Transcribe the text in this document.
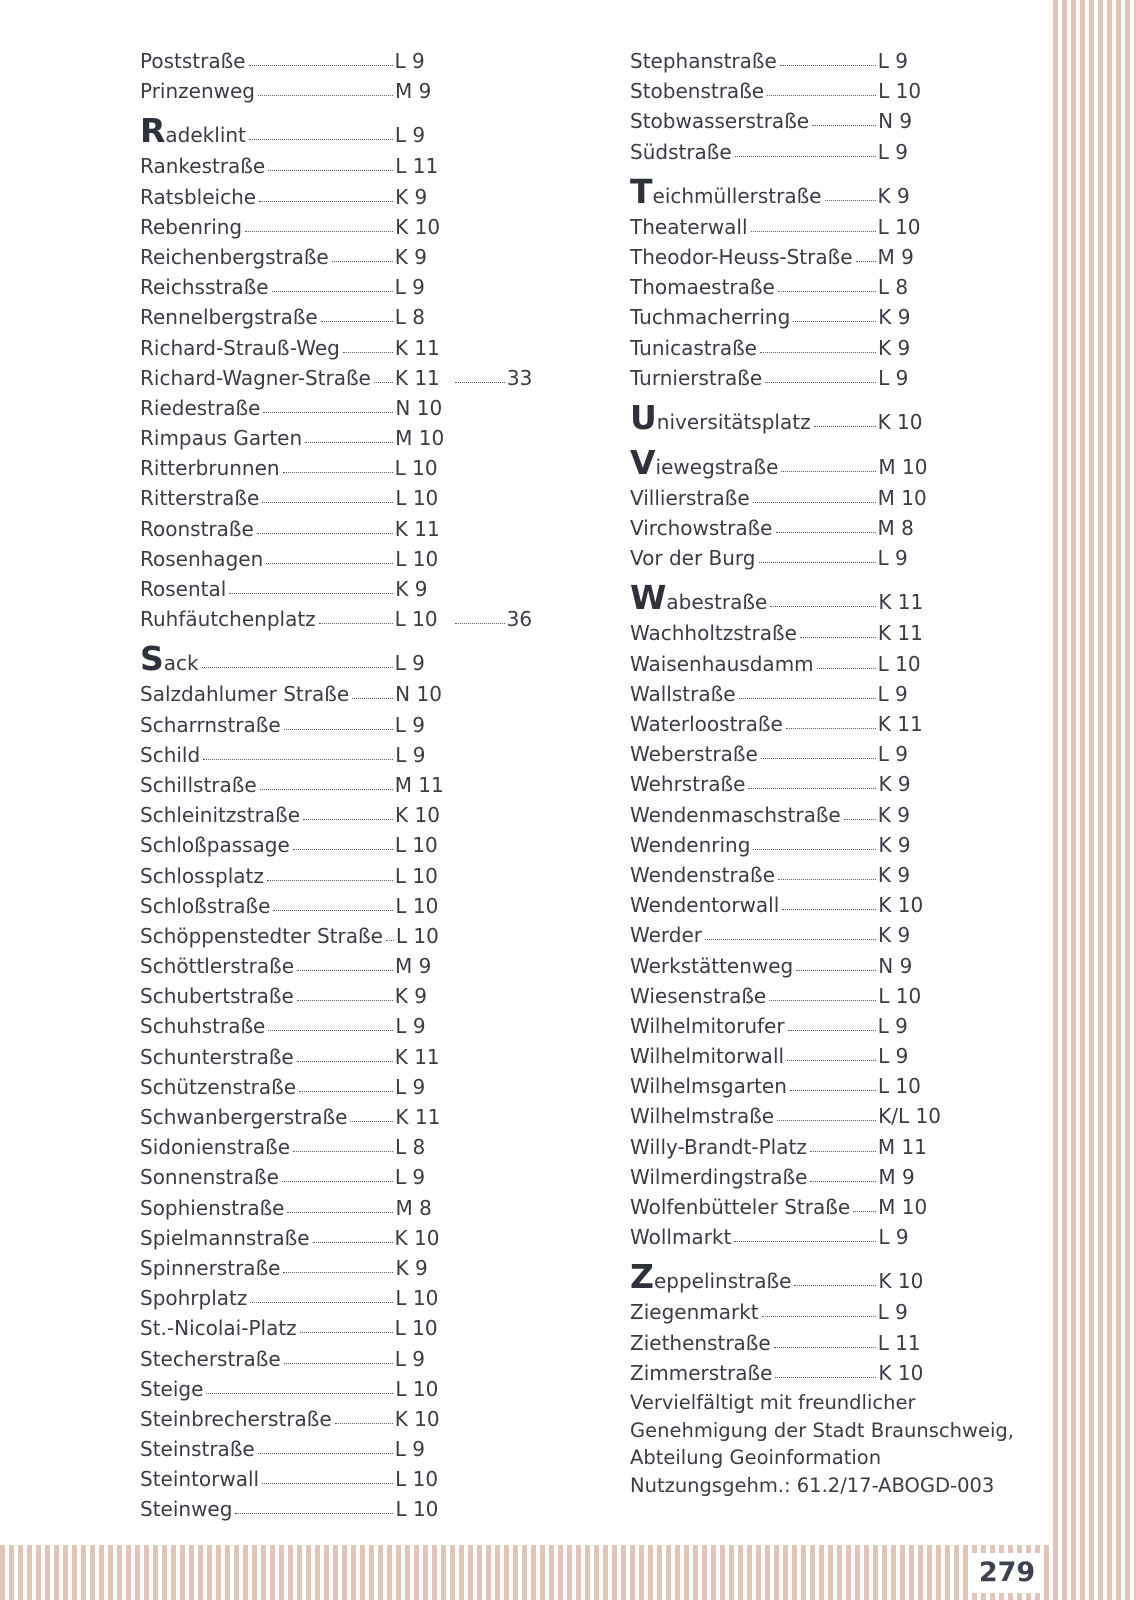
279
Poststraße	L 9
Prinzenweg	M 9
Radeklint	L 9
Rankestraße	L 11
Ratsbleiche	K 9
Rebenring	K 10
Reichenbergstraße	K 9
Reichsstraße	L 9
Rennelbergstraße	L 8
Richard-Strauß-Weg	K 11
Richard-Wagner-Straße K 11	33
Riedestraße	N 10
Rimpaus Garten	M 10
Ritterbrunnen	L 10
Ritterstraße	L 10
Roonstraße	K 11
Rosenhagen	L 10
Rosental	K 9
Ruhfäutchenplatz	L 10	36
Sack	L 9
Salzdahlumer Straße N 10
Scharrnstraße	L 9
Schild	L 9
Schillstraße	M 11
Schleinitzstraße	K 10
Schloßpassage	L 10
Schlossplatz	L 10
Schloßstraße	L 10
Schöppenstedter Straße L 10
Schöttlerstraße	M 9
Schubertstraße	K 9
Schuhstraße	L 9
Schunterstraße	K 11
Schützenstraße	L 9
Schwanbergerstraße K 11
Sidonienstraße	L 8
Sonnenstraße	L 9
Sophienstraße	M 8
Spielmannstraße	K 10
Spinnerstraße	K 9
Spohrplatz	L 10
St.-Nicolai-Platz	L 10
Stecherstraße	L 9
Steige	L 10
Steinbrecherstraße	K 10
Steinstraße	L 9
Steintorwall	L 10
Steinweg	L 10
Stephanstraße	L 9
Stobenstraße	L 10
Stobwasserstraße	N 9
Südstraße	L 9
Teichmüllerstraße	K 9
Theaterwall	L 10
Theodor-Heuss-Straße M 9
Thomaestraße	L 8
Tuchmacherring	K 9
Tunicastraße	K 9
Turnierstraße	L 9
Universitätsplatz	K 10
Viewegstraße	M 10
Villierstraße	M 10
Virchowstraße	M 8
Vor der Burg	L 9
Wabestraße	K 11
Wachholtzstraße	K 11
Waisenhausdamm	L 10
Wallstraße	L 9
Waterloostraße	K 11
Weberstraße	L 9
Wehrstraße	K 9
Wendenmaschstraße K 9
Wendenring	K 9
Wendenstraße	K 9
Wendentorwall	K 10
Werder	K 9
Werkstättenweg	N 9
Wiesenstraße	L 10
Wilhelmitorufer	L 9
Wilhelmitorwall	L 9
Wilhelmsgarten	L 10
Wilhelmstraße	K/L 10
Willy-Brandt-Platz	M 11
Wilmerdingstraße	M 9
Wolfenbütteler Straße M 10
Wollmarkt	L 9
Zeppelinstraße	K 10
Ziegenmarkt	L 9
Ziethenstraße	L 11
Zimmerstraße	K 10
Vervielfältigt mit freundlicher
Genehmigung der Stadt Braunschweig,
Abteilung Geoinformation
Nutzungsgehm.: 61.2/17-ABOGD-003
